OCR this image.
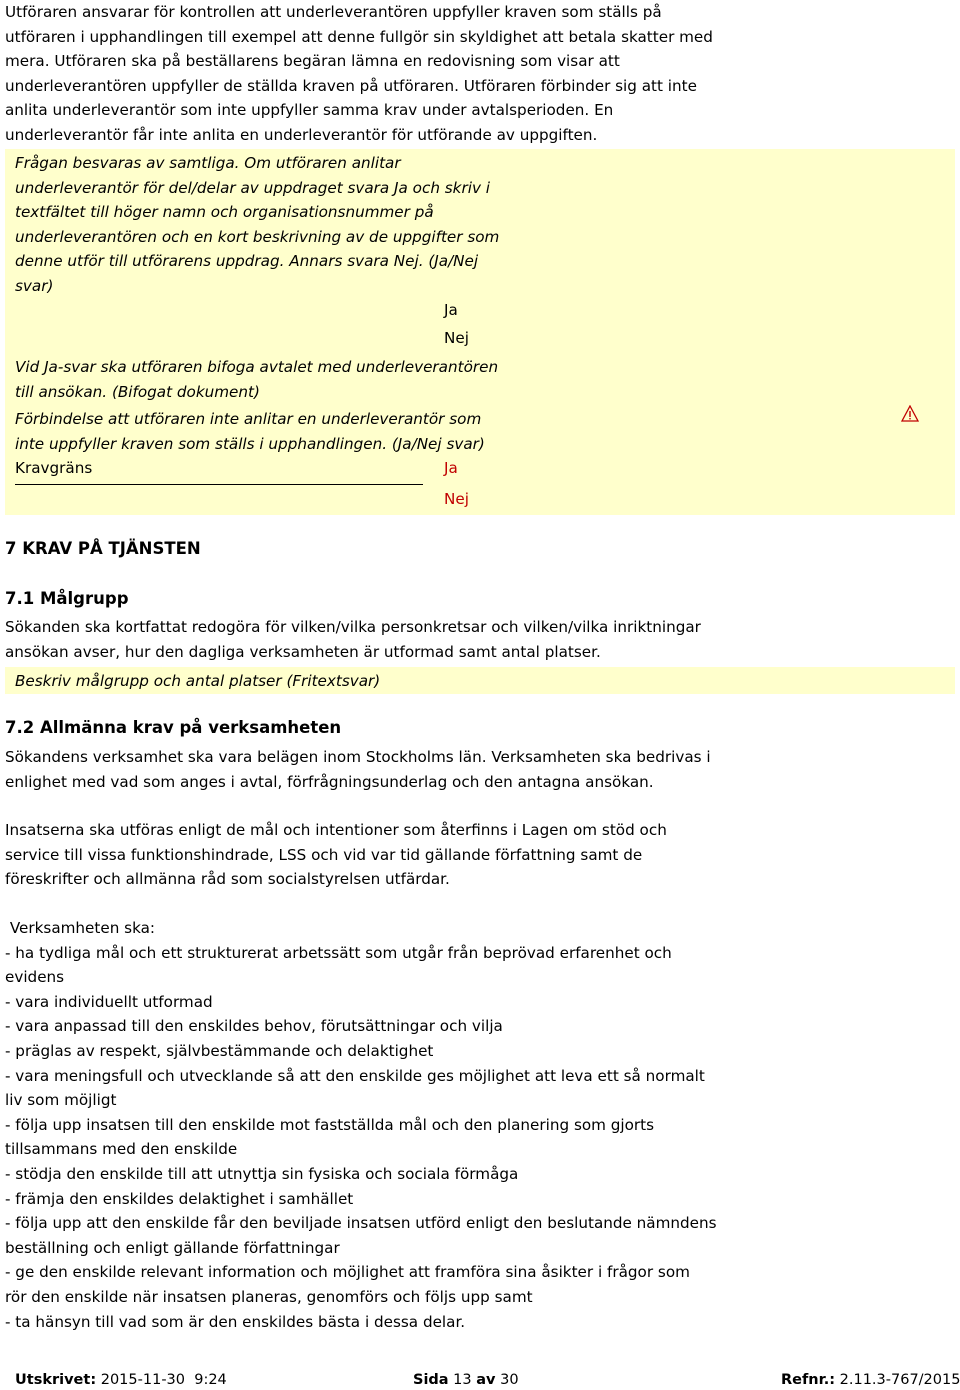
Utföraren ansvarar för kontrollen att underleverantören uppfyller kraven som ställs på
utföraren i upphandlingen till exempel att denne fullgör sin skyldighet att betala skatter med
mera. Utföraren ska på beställarens begäran lämna en redovisning som visar att
underleverantören uppfyller de ställda kraven på utföraren. Utföraren förbinder sig att inte
anlita underleverantör som inte uppfyller samma krav under avtalsperioden. En
underleverantör får inte anlita en underleverantör för utförande av uppgiften.
Frågan besvaras av samtliga. Om utföraren anlitar
underleverantör för del/delar av uppdraget svara Ja och skriv i
textfältet till höger namn och organisationsnummer på
underleverantören och en kort beskrivning av de uppgifter som
denne utför till utförarens uppdrag. Annars svara Nej. (Ja/Nej
svar)
Ja
Nej
Vid Ja-svar ska utföraren bifoga avtalet med underleverantören
till ansökan. (Bifogat dokument)
Förbindelse att utföraren inte anlitar en underleverantör som
inte uppfyller kraven som ställs i upphandlingen. (Ja/Nej svar)
Kravgräns	Ja
Nej
7 KRAV PÅ TJÄNSTEN
7.1 Målgrupp
Sökanden ska kortfattat redogöra för vilken/vilka personkretsar och vilken/vilka inriktningar
ansökan avser, hur den dagliga verksamheten är utformad samt antal platser.
Beskriv målgrupp och antal platser (Fritextsvar)
7.2 Allmänna krav på verksamheten
Sökandens verksamhet ska vara belägen inom Stockholms län. Verksamheten ska bedrivas i
enlighet med vad som anges i avtal, förfrågningsunderlag och den antagna ansökan.
Insatserna ska utföras enligt de mål och intentioner som återfinns i Lagen om stöd och
service till vissa funktionshindrade, LSS och vid var tid gällande författning samt de
föreskrifter och allmänna råd som socialstyrelsen utfärdar.
Verksamheten ska:
- ha tydliga mål och ett strukturerat arbetssätt som utgår från beprövad erfarenhet och
evidens
- vara individuellt utformad
- vara anpassad till den enskildes behov, förutsättningar och vilja
- präglas av respekt, självbestämmande och delaktighet
- vara meningsfull och utvecklande så att den enskilde ges möjlighet att leva ett så normalt
liv som möjligt
- följa upp insatsen till den enskilde mot fastställda mål och den planering som gjorts
tillsammans med den enskilde
- stödja den enskilde till att utnyttja sin fysiska och sociala förmåga
- främja den enskildes delaktighet i samhället
- följa upp att den enskilde får den beviljade insatsen utförd enligt den beslutande nämndens
beställning och enligt gällande författningar
- ge den enskilde relevant information och möjlighet att framföra sina åsikter i frågor som
rör den enskilde när insatsen planeras, genomförs och följs upp samt
- ta hänsyn till vad som är den enskildes bästa i dessa delar.
Utskrivet: 2015-11-30  9:24	Sida 13 av 30	Refnr.: 2.11.3-767/2015
